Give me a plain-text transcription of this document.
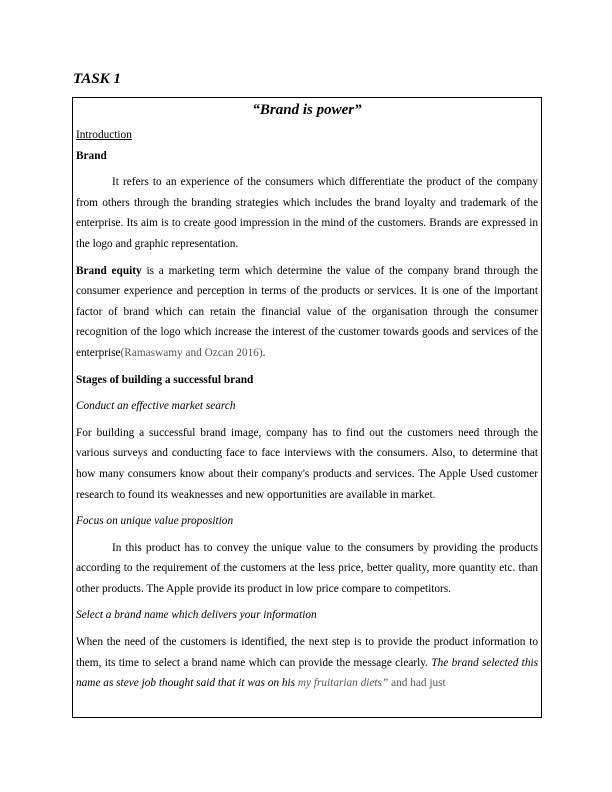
TASK 1
“Brand is power”

Introduction

Brand

It refers to an experience of the consumers which differentiate the product of the company from others through the branding strategies which includes the brand loyalty and trademark of the enterprise. Its aim is to create good impression in the mind of the customers. Brands are expressed in the logo and graphic representation.

Brand equity is a marketing term which determine the value of the company brand through the consumer experience and perception in terms of the products or services. It is one of the important factor of brand which can retain the financial value of the organisation through the consumer recognition of the logo which increase the interest of the customer towards goods and services of the enterprise(Ramaswamy and Ozcan 2016).

Stages of building a successful brand

Conduct an effective market search

For building a successful brand image, company has to find out the customers need through the various surveys and conducting face to face interviews with the consumers. Also, to determine that how many consumers know about their company's products and services. The Apple Used customer research to found its weaknesses and new opportunities are available in market.

Focus on unique value proposition

In this product has to convey the unique value to the consumers by providing the products according to the requirement of the customers at the less price, better quality, more quantity etc. than other products. The Apple provide its product in low price compare to competitors.

Select a brand name which delivers your information

When the need of the customers is identified, the next step is to provide the product information to them, its time to select a brand name which can provide the message clearly. The brand selected this name as steve job thought said that it was on his my fruitarian diets” and had just
